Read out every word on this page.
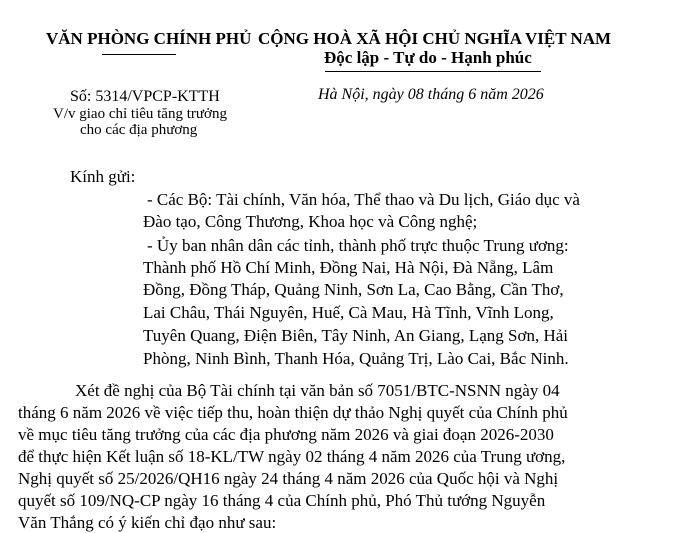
VĂN PHÒNG CHÍNH PHỦ CỘNG HOÀ XÃ HỘI CHỦ NGHĨA VIỆT NAM
Độc lập - Tự do - Hạnh phúc
Số: 5314/VPCP-KTTH	Hà Nội, ngày 08 tháng 6 năm 2026
V/v giao chỉ tiêu tăng trưởng
cho các địa phương
Kính gửi:
- Các Bộ: Tài chính, Văn hóa, Thể thao và Du lịch, Giáo dục và
Đào tạo, Công Thương, Khoa học và Công nghệ;
- Ủy ban nhân dân các tỉnh, thành phố trực thuộc Trung ương:
Thành phố Hồ Chí Minh, Đồng Nai, Hà Nội, Đà Nẵng, Lâm
Đồng, Đồng Tháp, Quảng Ninh, Sơn La, Cao Bằng, Cần Thơ,
Lai Châu, Thái Nguyên, Huế, Cà Mau, Hà Tĩnh, Vĩnh Long,
Tuyên Quang, Điện Biên, Tây Ninh, An Giang, Lạng Sơn, Hải
Phòng, Ninh Bình, Thanh Hóa, Quảng Trị, Lào Cai, Bắc Ninh.
Xét đề nghị của Bộ Tài chính tại văn bản số 7051/BTC-NSNN ngày 04
tháng 6 năm 2026 về việc tiếp thu, hoàn thiện dự thảo Nghị quyết của Chính phủ
về mục tiêu tăng trưởng của các địa phương năm 2026 và giai đoạn 2026-2030
để thực hiện Kết luận số 18-KL/TW ngày 02 tháng 4 năm 2026 của Trung ương,
Nghị quyết số 25/2026/QH16 ngày 24 tháng 4 năm 2026 của Quốc hội và Nghị
quyết số 109/NQ-CP ngày 16 tháng 4 của Chính phủ, Phó Thủ tướng Nguyễn
Văn Thắng có ý kiến chỉ đạo như sau:
